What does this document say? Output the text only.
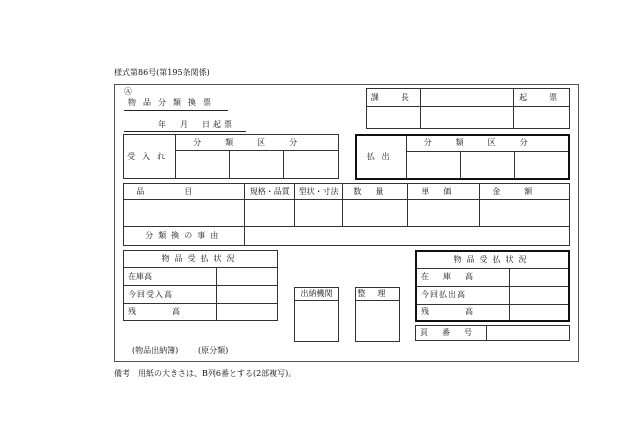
様式第86号(第195条関係)
Ⓐ
物品分類換票
年　月　日起票
課　長		起　票

受入れ	分類区分		

払出	分類区分		

品目	規格・品質	型状・寸法	数量	単価	金額

分類換の事由					
物品受払状況	

在庫高	

今回受入高	
残高	
出納機関	整理

物品受払状況	
在庫高	
今回払出高	
残高	
頁番号	
(物品出納簿) (原分類)
備考　用紙の大きさは、B列6番とする(2部複写)。
